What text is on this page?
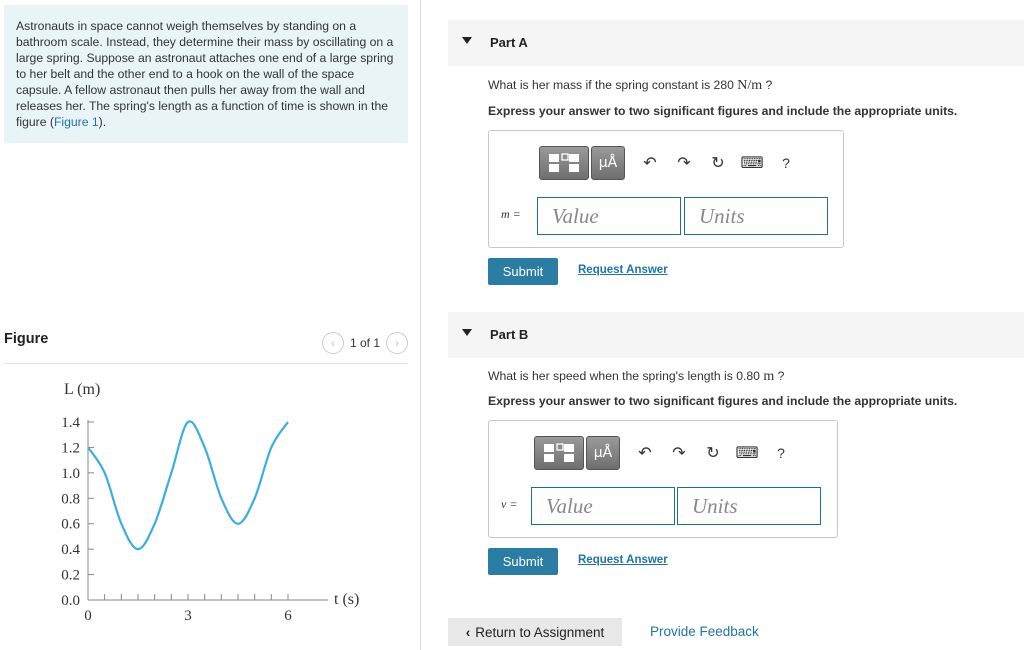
Astronauts in space cannot weigh themselves by standing on a bathroom scale. Instead, they determine their mass by oscillating on a large spring. Suppose an astronaut attaches one end of a large spring to her belt and the other end to a hook on the wall of the space capsule. A fellow astronaut then pulls her away from the wall and releases her. The spring's length as a function of time is shown in the figure (Figure 1).
Figure	‹	1 of 1	›
L (m)
t (s)
0.0
0.2
0.4
0.6
0.8
1.0
1.2
1.4
0	3	6
Part A
What is her mass if the spring constant is 280 N/m ?
Express your answer to two significant figures and include the appropriate units.
μÅ	↶	↷	↻ ⌨	?
m =	Value	Units
Submit	Request Answer
Part B
What is her speed when the spring's length is 0.80 m ?
Express your answer to two significant figures and include the appropriate units.
μÅ	↶	↷	↻ ⌨	?
v =	Value	Units
Submit	Request Answer
‹ Return to Assignment	Provide Feedback
